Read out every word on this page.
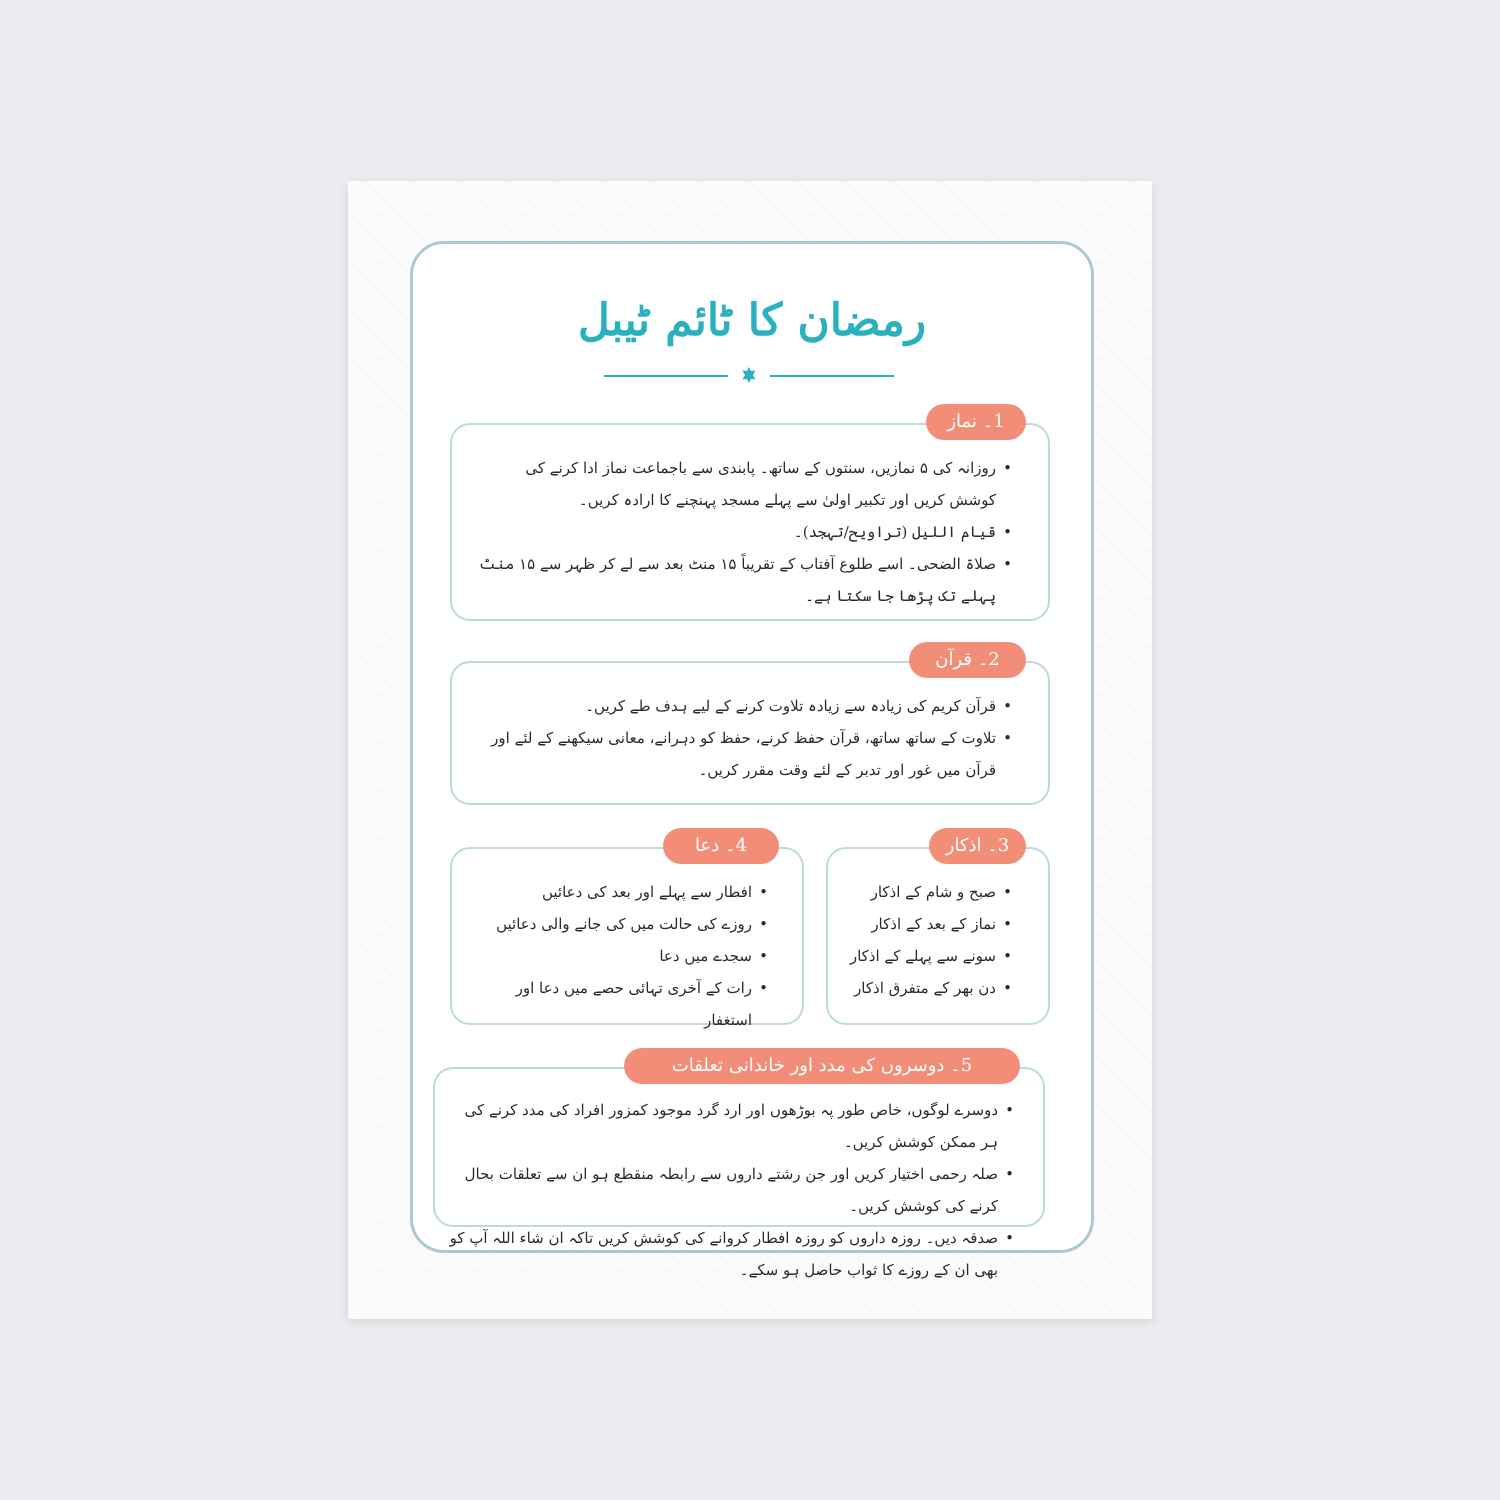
رمضان کا ٹائم ٹیبل
1۔ نماز
• روزانہ کی ۵ نمازیں، سنتوں کے ساتھ۔ پابندی سے باجماعت نماز ادا کرنے کی کوشش کریں اور تکبیر اولیٰ سے پہلے مسجد پہنچنے کا ارادہ کریں۔
• قیام اللیل (تراویح/تہجد)۔
• صلاۃ الضحی۔ اسے طلوع آفتاب کے تقریباً ۱۵ منٹ بعد سے لے کر ظہر سے ۱۵ منٹ پہلے تک پڑھا جا سکتا ہے۔
2۔ قرآن
• قرآن کریم کی زیادہ سے زیادہ تلاوت کرنے کے لیے ہدف طے کریں۔
• تلاوت کے ساتھ ساتھ، قرآن حفظ کرنے، حفظ کو دہرانے، معانی سیکھنے کے لئے اور قرآن میں غور اور تدبر کے لئے وقت مقرر کریں۔
3۔ اذکار
• صبح و شام کے اذکار
• نماز کے بعد کے اذکار
• سونے سے پہلے کے اذکار
• دن بھر کے متفرق اذکار
4۔ دعا
• افطار سے پہلے اور بعد کی دعائیں
• روزے کی حالت میں کی جانے والی دعائیں
• سجدے میں دعا
• رات کے آخری تہائی حصے میں دعا اور استغفار
5۔ دوسروں کی مدد اور خاندانی تعلقات
• دوسرے لوگوں، خاص طور پہ بوڑھوں اور ارد گرد موجود کمزور افراد کی مدد کرنے کی ہر ممکن کوشش کریں۔
• صلہ رحمی اختیار کریں اور جن رشتے داروں سے رابطہ منقطع ہو ان سے تعلقات بحال کرنے کی کوشش کریں۔
• صدقہ دیں۔ روزہ داروں کو روزہ افطار کروانے کی کوشش کریں تاکہ ان شاء اللہ آپ کو بھی ان کے روزے کا ثواب حاصل ہو سکے۔
